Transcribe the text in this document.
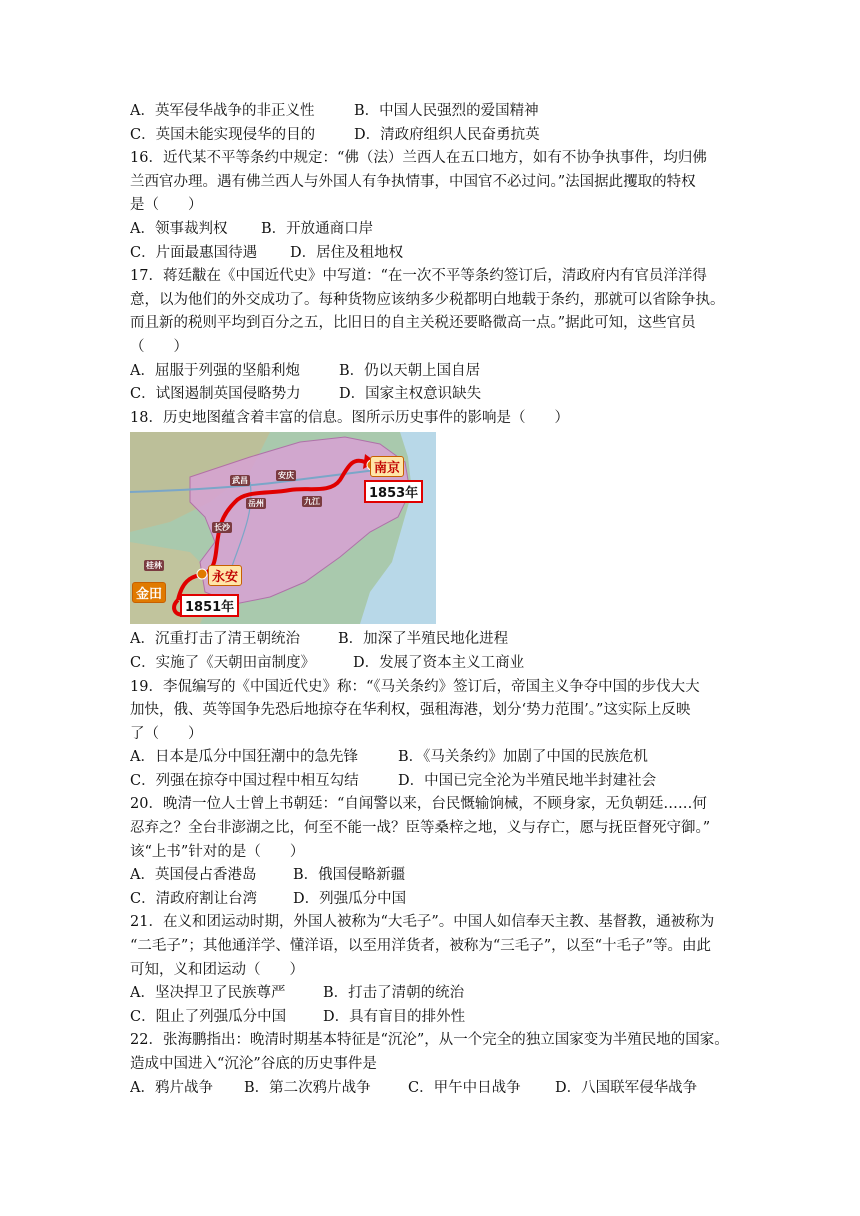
A．英军侵华战争的非正义性	B．中国人民强烈的爱国精神
C．英国未能实现侵华的目的	D．清政府组织人民奋勇抗英
16．近代某不平等条约中规定：“佛（法）兰西人在五口地方，如有不协争执事件，均归佛
兰西官办理。遇有佛兰西人与外国人有争执情事，中国官不必过问。”法国据此攫取的特权
是（　　）
A．领事裁判权	B．开放通商口岸
C．片面最惠国待遇	D．居住及租地权
17．蒋廷黻在《中国近代史》中写道：“在一次不平等条约签订后，清政府内有官员洋洋得
意，以为他们的外交成功了。每种货物应该纳多少税都明白地载于条约，那就可以省除争执。
而且新的税则平均到百分之五，比旧日的自主关税还要略微高一点。”据此可知，这些官员
（　　）
A．屈服于列强的坚船利炮	B．仍以天朝上国自居
C．试图遏制英国侵略势力	D．国家主权意识缺失
18．历史地图蕴含着丰富的信息。图所示历史事件的影响是（　　）
武昌
安庆
九江
岳州
长沙
桂林
永安
金田
南京
1853年
1851年
A．沉重打击了清王朝统治	B．加深了半殖民地化进程
C．实施了《天朝田亩制度》	D．发展了资本主义工商业
19．李侃编写的《中国近代史》称：“《马关条约》签订后，帝国主义争夺中国的步伐大大
加快，俄、英等国争先恐后地掠夺在华利权，强租海港，划分‘势力范围’。”这实际上反映
了（　　）
A．日本是瓜分中国狂潮中的急先锋	B．《马关条约》加剧了中国的民族危机
C．列强在掠夺中国过程中相互勾结	D．中国已完全沦为半殖民地半封建社会
20．晚清一位人士曾上书朝廷：“自闻警以来，台民慨输饷械，不顾身家，无负朝廷……何
忍弃之？全台非澎湖之比，何至不能一战？臣等桑梓之地，义与存亡，愿与抚臣督死守御。”
该“上书”针对的是（　　）
A．英国侵占香港岛	B．俄国侵略新疆
C．清政府割让台湾	D．列强瓜分中国
21．在义和团运动时期，外国人被称为“大毛子”。中国人如信奉天主教、基督教，通被称为
“二毛子”；其他通洋学、懂洋语，以至用洋货者，被称为“三毛子”，以至“十毛子”等。由此
可知，义和团运动（　　）
A．坚决捍卫了民族尊严	B．打击了清朝的统治
C．阻止了列强瓜分中国	D．具有盲目的排外性
22．张海鹏指出：晚清时期基本特征是“沉沦”，从一个完全的独立国家变为半殖民地的国家。
造成中国进入“沉沦”谷底的历史事件是
A．鸦片战争	B．第二次鸦片战争	C．甲午中日战争	D．八国联军侵华战争
